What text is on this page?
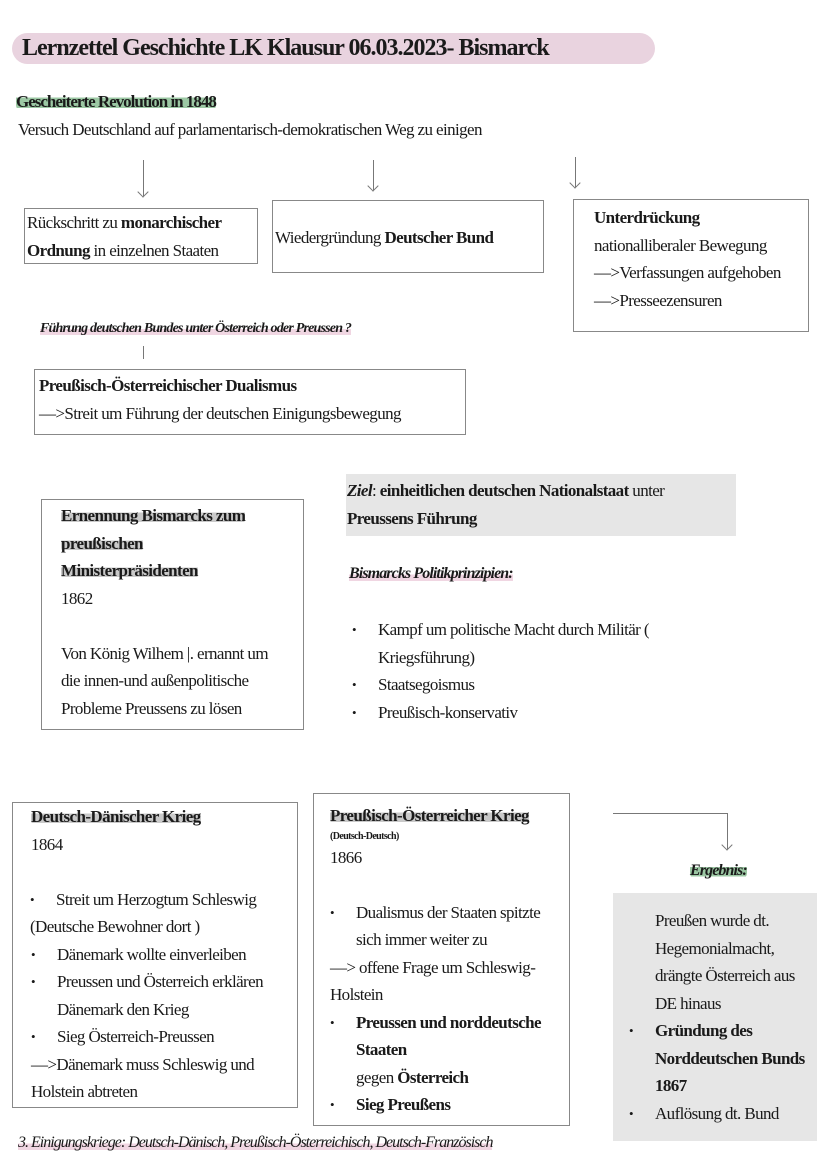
Lernzettel Geschichte LK Klausur 06.03.2023- Bismarck
Gescheiterte Revolution in 1848
Versuch Deutschland auf parlamentarisch-demokratischen Weg zu einigen
Rückschritt zu monarchischer
Ordnung in einzelnen Staaten
Wiedergründung Deutscher Bund
Unterdrückung
nationalliberaler Bewegung
—>Verfassungen aufgehoben
—>Presseezensuren
Führung deutschen Bundes unter Österreich oder Preussen ?
Preußisch-Österreichischer Dualismus
—>Streit um Führung der deutschen Einigungsbewegung
Ernennung Bismarcks zum
preußischen
Ministerpräsidenten
1862

Von König Wilhem |. ernannt um
die innen-und außenpolitische
Probleme Preussens zu lösen
Ziel: einheitlichen deutschen Nationalstaat unter
Preussens Führung
Bismarcks Politikprinzipien:
• Kampf um politische Macht durch Militär ( Kriegsführung)
• Staatsegoismus
• Preußisch-konservativ
Deutsch-Dänischer Krieg
1864

• Streit um Herzogtum Schleswig
(Deutsche Bewohner dort )
• Dänemark wollte einverleiben
• Preussen und Österreich erklären Dänemark den Krieg
• Sieg Österreich-Preussen
—>Dänemark muss Schleswig und Holstein abtreten
Preußisch-Österreicher Krieg
(Deutsch-Deutsch)
1866

• Dualismus der Staaten spitzte sich immer weiter zu
—> offene Frage um Schleswig-Holstein
• Preussen und norddeutsche Staaten
gegen Österreich
• Sieg Preußens
Ergebnis:
Preußen wurde dt. Hegemonialmacht, drängte Österreich aus DE hinaus
• Gründung des Norddeutschen Bunds 1867
• Auflösung dt. Bund
3. Einigungskriege: Deutsch-Dänisch, Preußisch-Österreichisch, Deutsch-Französisch
